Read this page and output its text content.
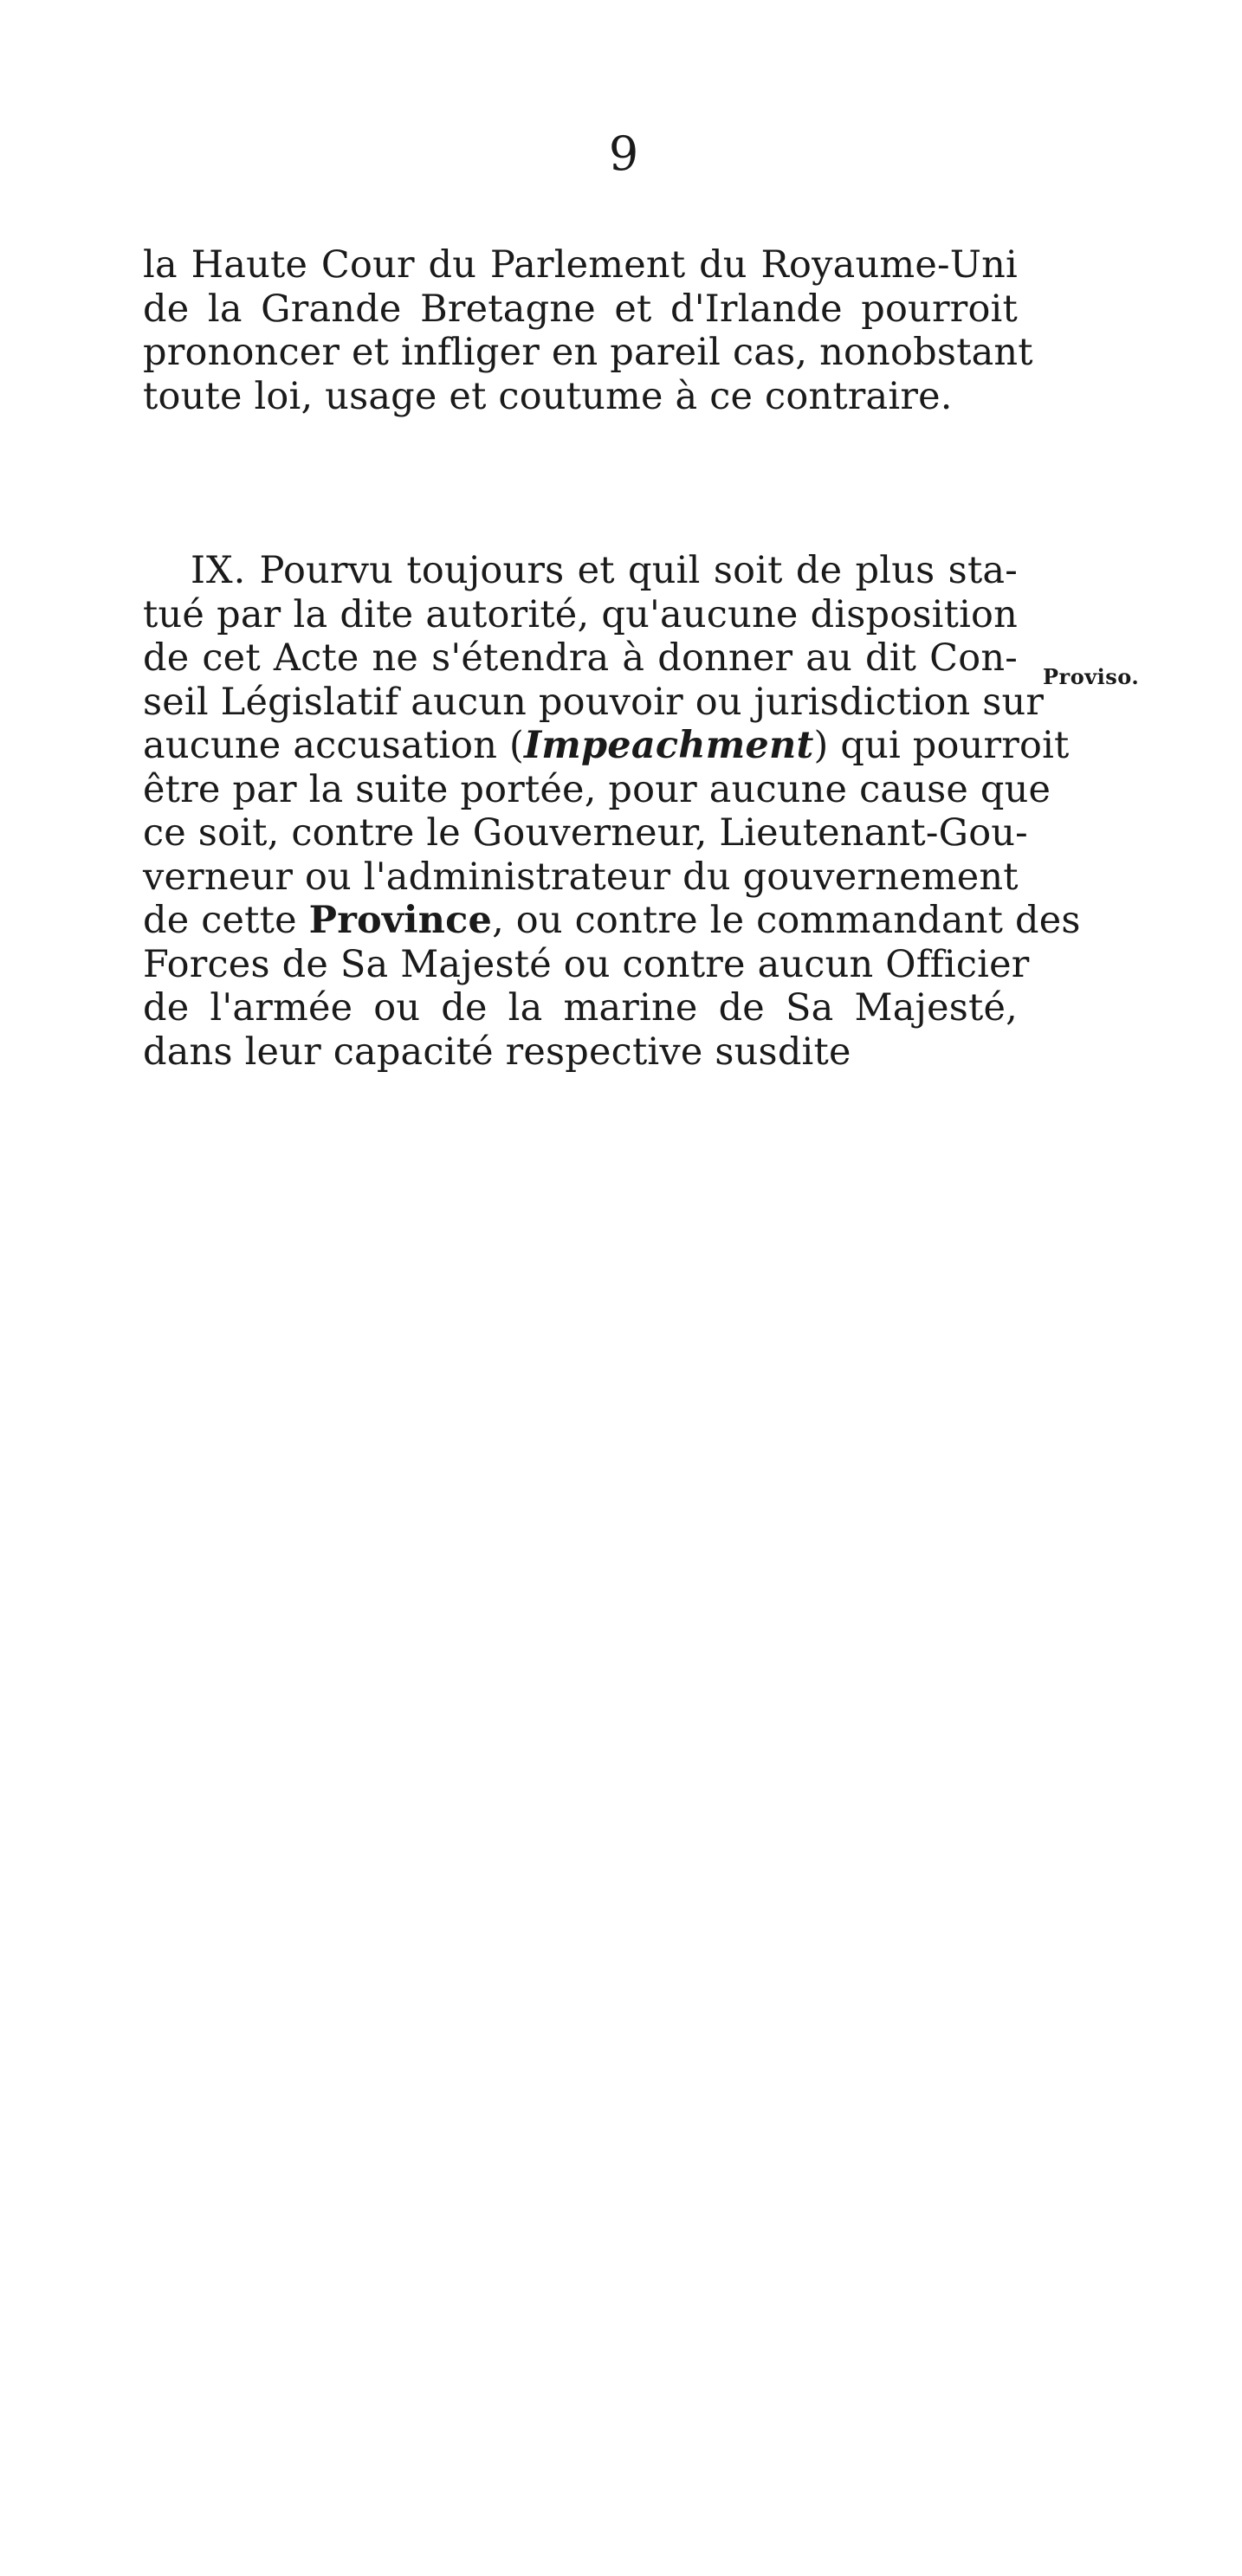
9
la Haute Cour du Parlement du Royaume-Uni
de la Grande Bretagne et d'Irlande pourroit
prononcer et infliger en pareil cas, nonobstant
toute loi, usage et coutume à ce contraire.
IX. Pourvu toujours et quil soit de plus sta-
tué par la dite autorité, qu'aucune disposition
de cet Acte ne s'étendra à donner au dit Con-
seil Législatif aucun pouvoir ou jurisdiction sur
aucune accusation (Impeachment) qui pourroit
être par la suite portée, pour aucune cause que
ce soit, contre le Gouverneur, Lieutenant-Gou-
verneur ou l'administrateur du gouvernement
de cette Province, ou contre le commandant des
Forces de Sa Majesté ou contre aucun Officier
de l'armée ou de la marine de Sa Majesté,
dans leur capacité respective susdite
Proviso.
